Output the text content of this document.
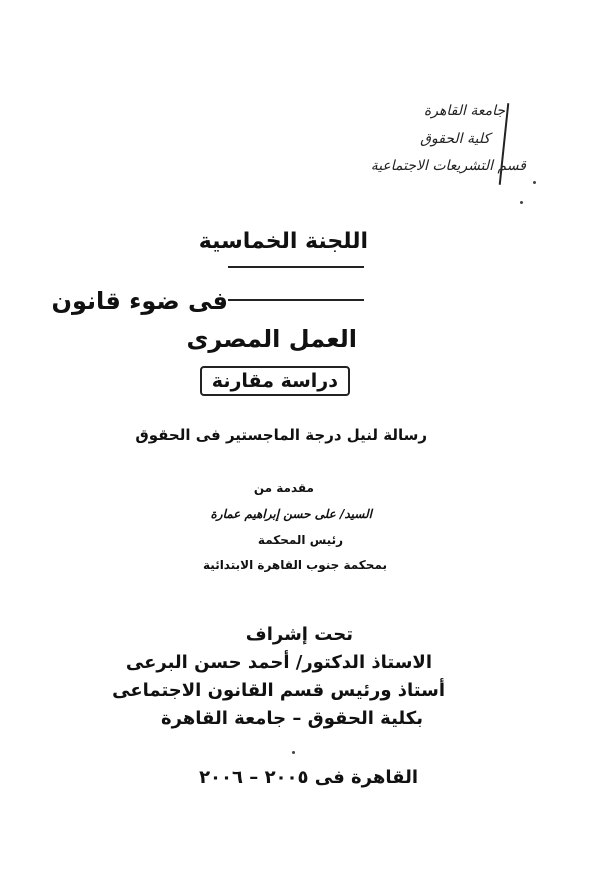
جامعة القاهرة
كلية الحقوق
قسم التشريعات الاجتماعية
اللجنة الخماسية
فى ضوء قانون
العمل المصرى
دراسة مقارنة
رسالة لنيل درجة الماجستير فى الحقوق
مقدمة من
السيد/ على حسن إبراهيم عمارة
رئيس المحكمة
بمحكمة جنوب القاهرة الابتدائية
تحت إشراف
الاستاذ الدكتور/ أحمد حسن البرعى
أستاذ ورئيس قسم القانون الاجتماعى
بكلية الحقوق – جامعة القاهرة
القاهرة فى ٢٠٠٥ – ٢٠٠٦
